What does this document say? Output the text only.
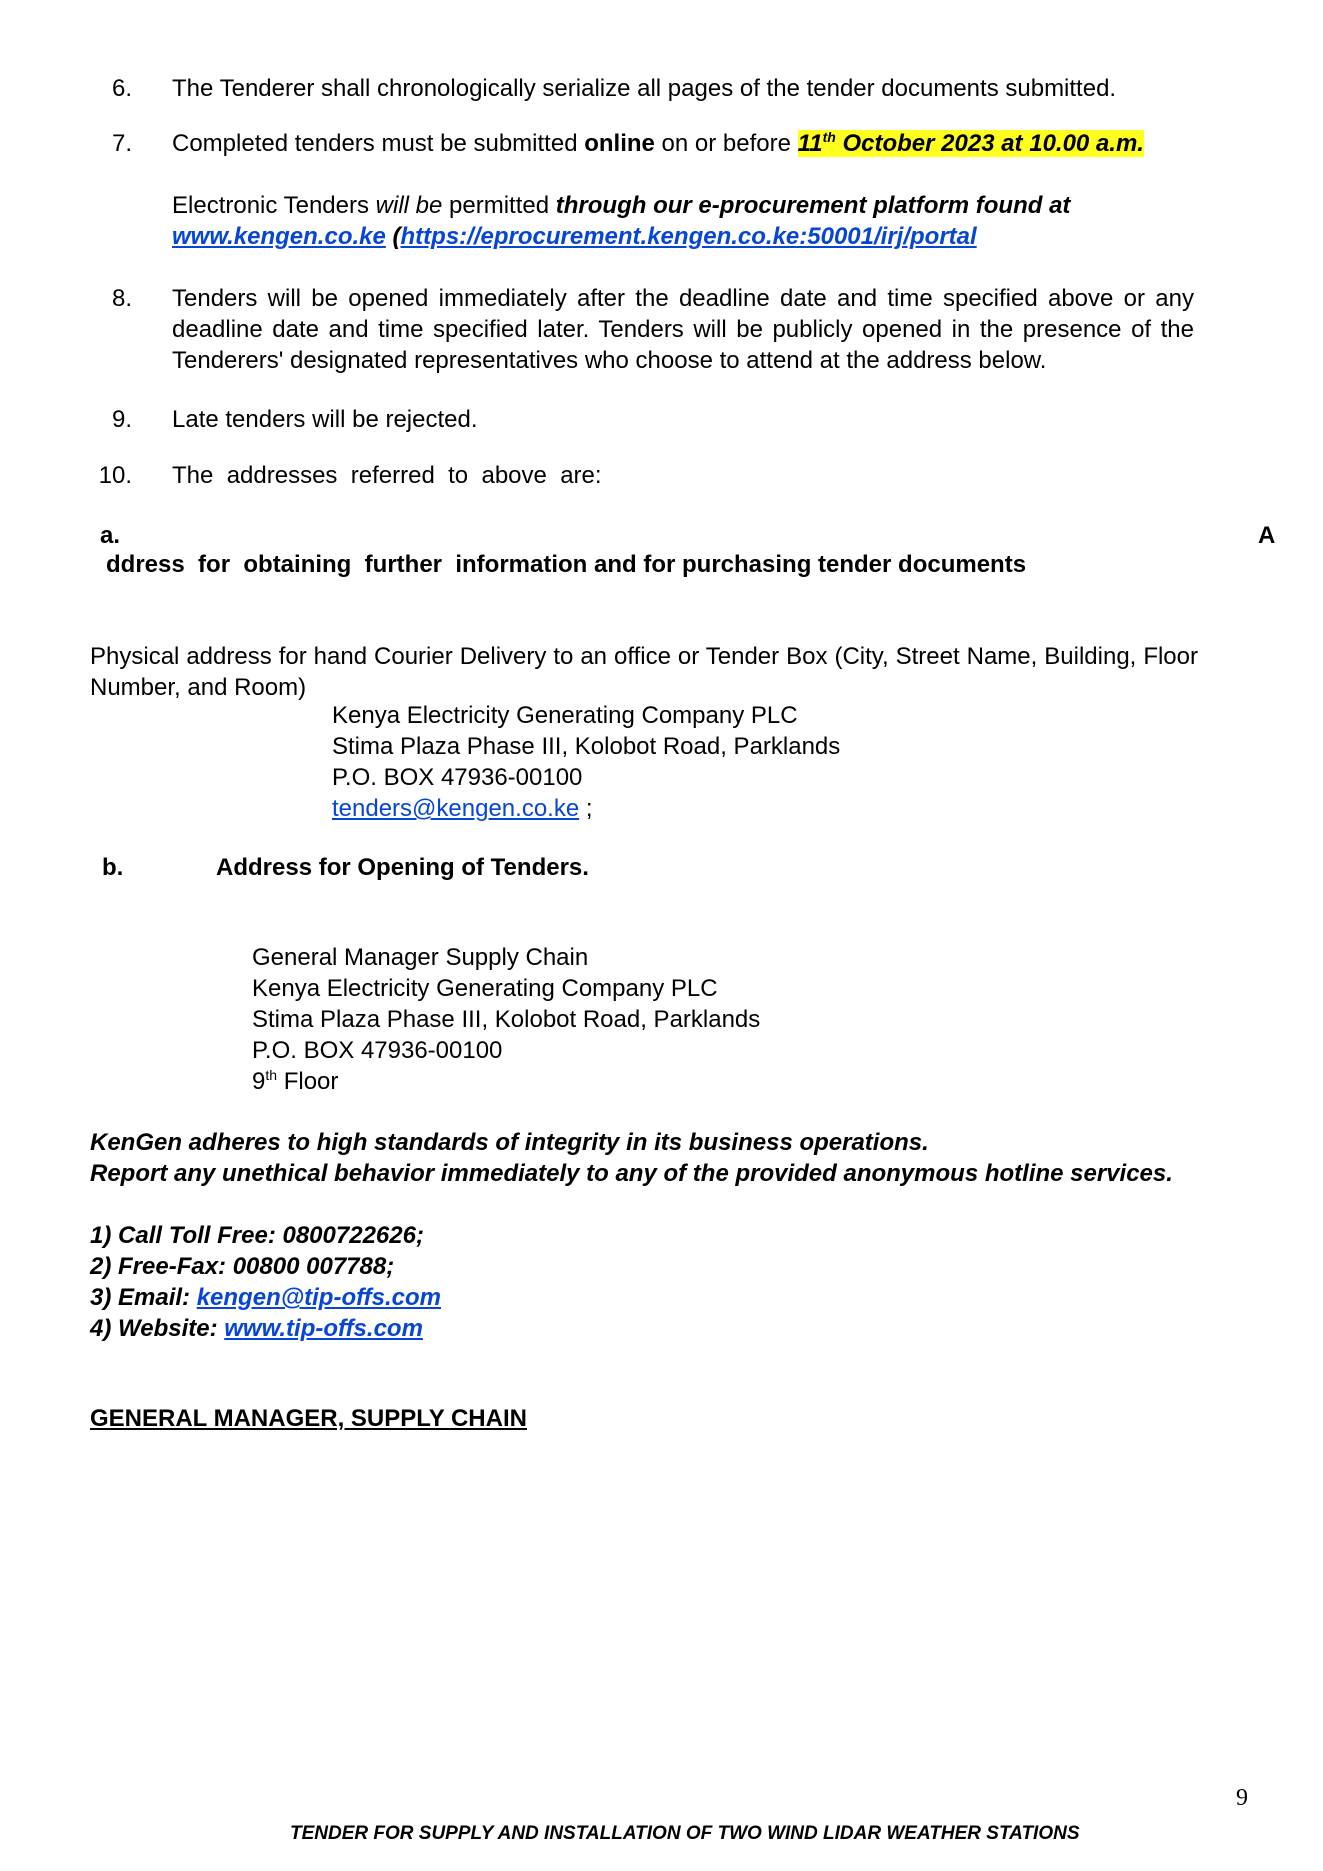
6. The Tenderer shall chronologically serialize all pages of the tender documents submitted.
7. Completed tenders must be submitted online on or before 11th October 2023 at 10.00 a.m.
Electronic Tenders will be permitted through our e-procurement platform found at
www.kengen.co.ke (https://eprocurement.kengen.co.ke:50001/irj/portal
8. Tenders will be opened immediately after the deadline date and time specified above or any deadline date and time specified later. Tenders will be publicly opened in the presence of the Tenderers' designated representatives who choose to attend at the address below.
9. Late tenders will be rejected.
10. The  addresses  referred  to  above  are:
a.	A
ddress  for  obtaining  further  information and for purchasing tender documents
Physical address for hand Courier Delivery to an office or Tender Box (City, Street Name, Building, Floor Number, and Room)
Kenya Electricity Generating Company PLC
Stima Plaza Phase III, Kolobot Road, Parklands
P.O. BOX 47936-00100
tenders@kengen.co.ke ;
b.	Address for Opening of Tenders.
General Manager Supply Chain
Kenya Electricity Generating Company PLC
Stima Plaza Phase III, Kolobot Road, Parklands
P.O. BOX 47936-00100
9th Floor
KenGen adheres to high standards of integrity in its business operations.
Report any unethical behavior immediately to any of the provided anonymous hotline services.
1) Call Toll Free: 0800722626;
2) Free-Fax: 00800 007788;
3) Email: kengen@tip-offs.com
4) Website: www.tip-offs.com
GENERAL MANAGER, SUPPLY CHAIN
9
TENDER FOR SUPPLY AND INSTALLATION OF TWO WIND LIDAR WEATHER STATIONS
